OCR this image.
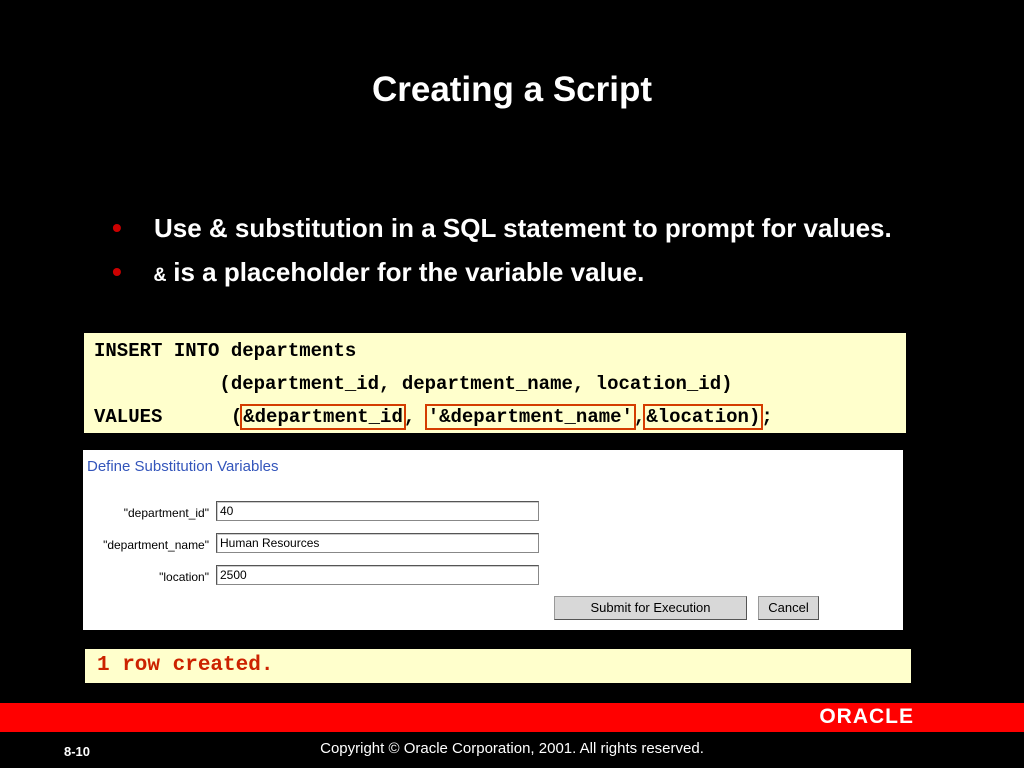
Creating a Script
• Use & substitution in a SQL statement to prompt for values.
• & is a placeholder for the variable value.
INSERT INTO departments
(department_id, department_name, location_id)
VALUES      (&department_id, '&department_name',&location);
Define Substitution Variables
"department_id"
40
"department_name"
Human Resources
"location"
2500
Submit for Execution	Cancel
1 row created.
ORACLE
8-10	Copyright © Oracle Corporation, 2001. All rights reserved.
